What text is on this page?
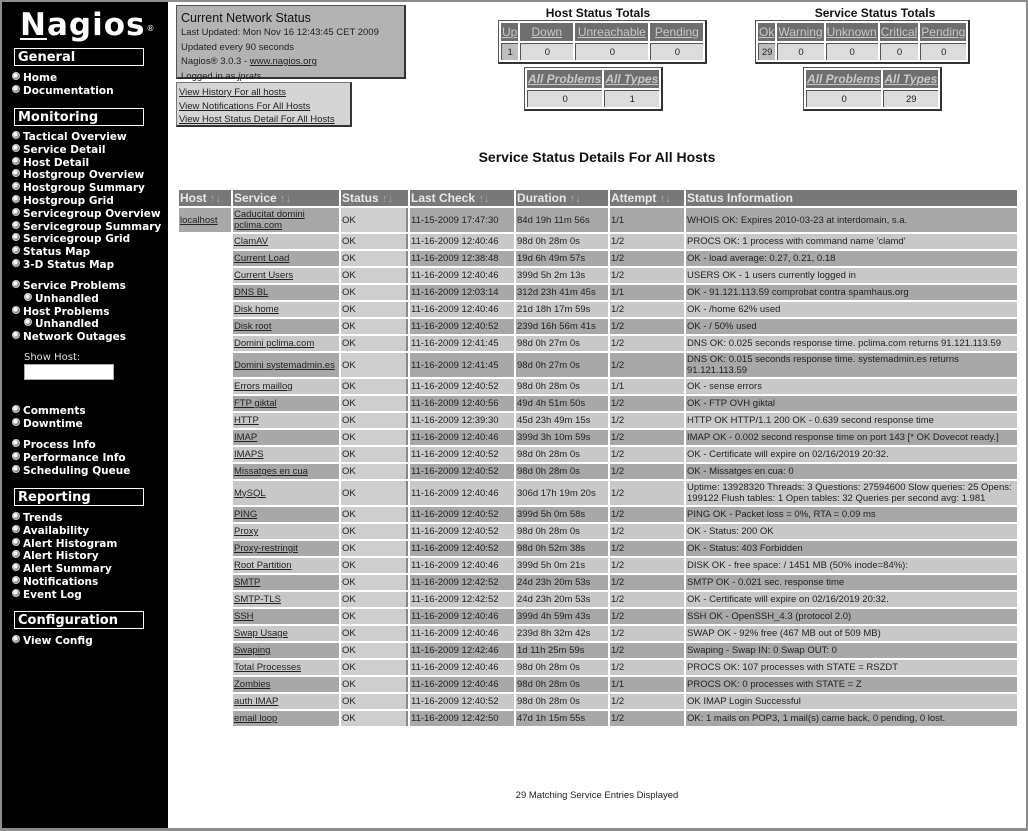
Nagios®
General
Home
Documentation
Monitoring
Tactical Overview
Service Detail
Host Detail
Hostgroup Overview
Hostgroup Summary
Hostgroup Grid
Servicegroup Overview
Servicegroup Summary
Servicegroup Grid
Status Map
3-D Status Map
Service Problems
Unhandled
Host Problems
Unhandled
Network Outages
Show Host:
Comments
Downtime
Process Info
Performance Info
Scheduling Queue
Reporting
Trends
Availability
Alert Histogram
Alert History
Alert Summary
Notifications
Event Log
Configuration
View Config
Current Network Status
Last Updated: Mon Nov 16 12:43:45 CET 2009
Updated every 90 seconds
Nagios® 3.0.3 - www.nagios.org
Logged in as jprats
View History For all hosts
View Notifications For All Hosts
View Host Status Detail For All Hosts
Host Status Totals
Up	Down	Unreachable	Pending
1	0	0	0
All Problems	All Types
0	1
Service Status Totals
Ok	Warning	Unknown	Critical	Pending
29	0	0	0	0
All Problems	All Types
0	29
Service Status Details For All Hosts
Host ↑↓	Service ↑↓	Status ↑↓	Last Check ↑↓	Duration ↑↓	Attempt ↑↓	Status Information
localhost	Caducitat domini pclima.com	OK	11-15-2009 17:47:30	84d 19h 11m 56s	1/1	WHOIS OK: Expires 2010-03-23 at interdomain, s.a.
	ClamAV	OK	11-16-2009 12:40:46	98d 0h 28m 0s	1/2	PROCS OK: 1 process with command name 'clamd'
	Current Load	OK	11-16-2009 12:38:48	19d 6h 49m 57s	1/2	OK - load average: 0.27, 0.21, 0.18
	Current Users	OK	11-16-2009 12:40:46	399d 5h 2m 13s	1/2	USERS OK - 1 users currently logged in
	DNS BL	OK	11-16-2009 12:03:14	312d 23h 41m 45s	1/1	OK - 91.121.113.59 comprobat contra spamhaus.org
	Disk home	OK	11-16-2009 12:40:46	21d 18h 17m 59s	1/2	OK - /home 62% used
	Disk root	OK	11-16-2009 12:40:52	239d 16h 56m 41s	1/2	OK - / 50% used
	Domini pclima.com	OK	11-16-2009 12:41:45	98d 0h 27m 0s	1/2	DNS OK: 0.025 seconds response time. pclima.com returns 91.121.113.59
	Domini systemadmin.es	OK	11-16-2009 12:41:45	98d 0h 27m 0s	1/2	DNS OK: 0.015 seconds response time. systemadmin.es returns 91.121.113.59
	Errors maillog	OK	11-16-2009 12:40:52	98d 0h 28m 0s	1/1	OK - sense errors
	FTP giktal	OK	11-16-2009 12:40:56	49d 4h 51m 50s	1/2	OK - FTP OVH giktal
	HTTP	OK	11-16-2009 12:39:30	45d 23h 49m 15s	1/2	HTTP OK HTTP/1.1 200 OK - 0.639 second response time
	IMAP	OK	11-16-2009 12:40:46	399d 3h 10m 59s	1/2	IMAP OK - 0.002 second response time on port 143 [* OK Dovecot ready.]
	IMAPS	OK	11-16-2009 12:40:52	98d 0h 28m 0s	1/2	OK - Certificate will expire on 02/16/2019 20:32.
	Missatges en cua	OK	11-16-2009 12:40:52	98d 0h 28m 0s	1/2	OK - Missatges en cua: 0
	MySQL	OK	11-16-2009 12:40:46	306d 17h 19m 20s	1/2	Uptime: 13928320 Threads: 3 Questions: 27594600 Slow queries: 25 Opens: 199122 Flush tables: 1 Open tables: 32 Queries per second avg: 1.981
	PING	OK	11-16-2009 12:40:52	399d 5h 0m 58s	1/2	PING OK - Packet loss = 0%, RTA = 0.09 ms
	Proxy	OK	11-16-2009 12:40:52	98d 0h 28m 0s	1/2	OK - Status: 200 OK
	Proxy-restringit	OK	11-16-2009 12:40:52	98d 0h 52m 38s	1/2	OK - Status: 403 Forbidden
	Root Partition	OK	11-16-2009 12:40:46	399d 5h 0m 21s	1/2	DISK OK - free space: / 1451 MB (50% inode=84%):
	SMTP	OK	11-16-2009 12:42:52	24d 23h 20m 53s	1/2	SMTP OK - 0.021 sec. response time
	SMTP-TLS	OK	11-16-2009 12:42:52	24d 23h 20m 53s	1/2	OK - Certificate will expire on 02/16/2019 20:32.
	SSH	OK	11-16-2009 12:40:46	399d 4h 59m 43s	1/2	SSH OK - OpenSSH_4.3 (protocol 2.0)
	Swap Usage	OK	11-16-2009 12:40:46	239d 8h 32m 42s	1/2	SWAP OK - 92% free (467 MB out of 509 MB)
	Swaping	OK	11-16-2009 12:42:46	1d 11h 25m 59s	1/2	Swaping - Swap IN: 0 Swap OUT: 0
	Total Processes	OK	11-16-2009 12:40:46	98d 0h 28m 0s	1/2	PROCS OK: 107 processes with STATE = RSZDT
	Zombies	OK	11-16-2009 12:40:46	98d 0h 28m 0s	1/1	PROCS OK: 0 processes with STATE = Z
	auth IMAP	OK	11-16-2009 12:40:52	98d 0h 28m 0s	1/2	OK IMAP Login Successful
	email loop	OK	11-16-2009 12:42:50	47d 1h 15m 55s	1/2	OK: 1 mails on POP3, 1 mail(s) came back, 0 pending, 0 lost.
29 Matching Service Entries Displayed
